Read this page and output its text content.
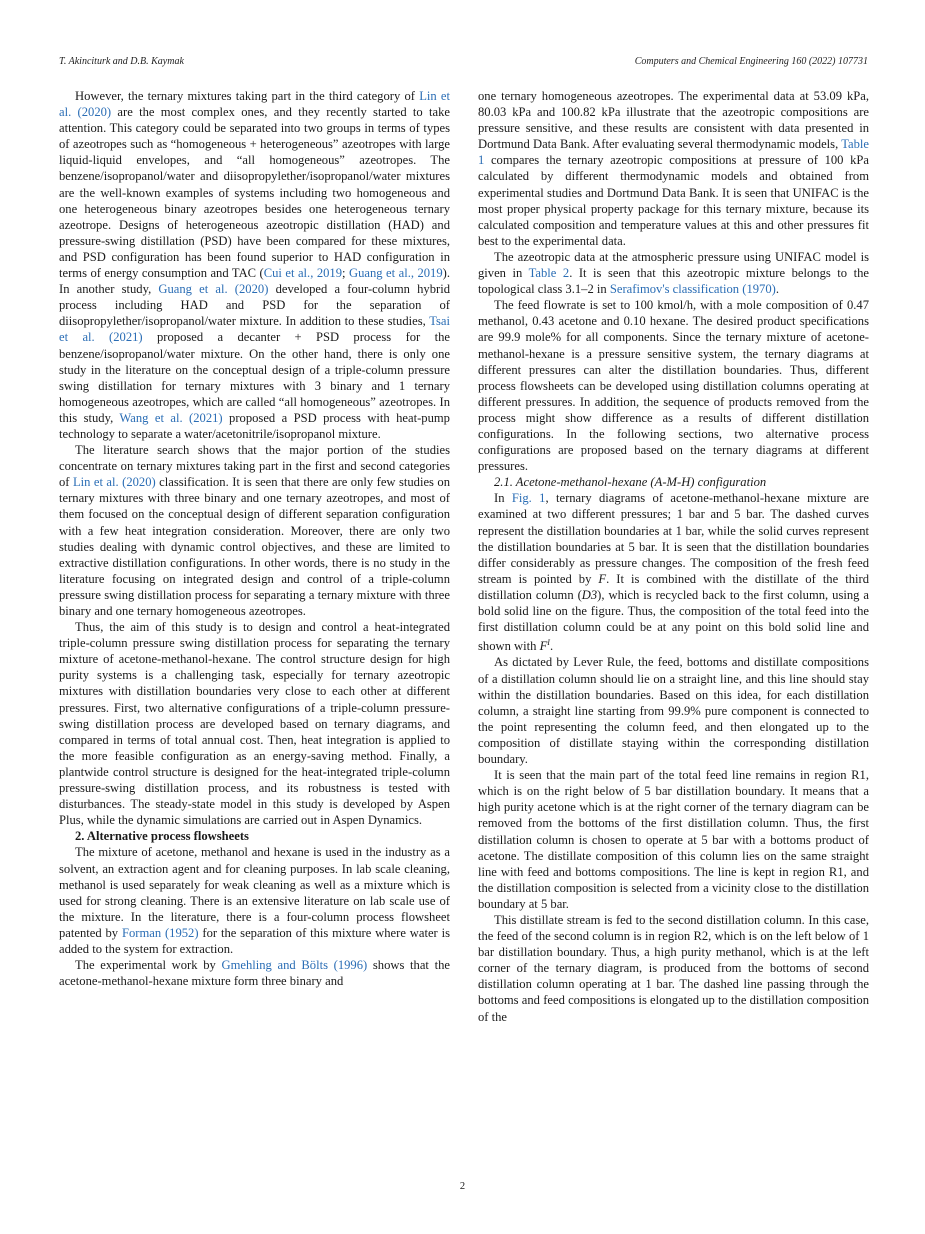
T. Akinciturk and D.B. Kaymak	Computers and Chemical Engineering 160 (2022) 107731

However, the ternary mixtures taking part in the third category of Lin et al. (2020) are the most complex ones, and they recently started to take attention. This category could be separated into two groups in terms of types of azeotropes such as “homogeneous + heterogeneous” azeotropes with large liquid-liquid envelopes, and “all homogeneous” azeotropes. The benzene/isopropanol/water and diisopropylether/isopropanol/water mixtures are the well-known examples of systems including two homogeneous and one heterogeneous binary azeotropes besides one heterogeneous ternary azeotrope. Designs of heterogeneous azeotropic distillation (HAD) and pressure-swing distillation (PSD) have been compared for these mixtures, and PSD configuration has been found superior to HAD configuration in terms of energy consumption and TAC (Cui et al., 2019; Guang et al., 2019). In another study, Guang et al. (2020) developed a four-column hybrid process including HAD and PSD for the separation of diisopropylether/isopropanol/water mixture. In addition to these studies, Tsai et al. (2021) proposed a decanter + PSD process for the benzene/isopropanol/water mixture. On the other hand, there is only one study in the literature on the conceptual design of a triple-column pressure swing distillation for ternary mixtures with 3 binary and 1 ternary homogeneous azeotropes, which are called “all homogeneous” azeotropes. In this study, Wang et al. (2021) proposed a PSD process with heat-pump technology to separate a water/acetonitrile/isopropanol mixture.

The literature search shows that the major portion of the studies concentrate on ternary mixtures taking part in the first and second categories of Lin et al. (2020) classification. It is seen that there are only few studies on ternary mixtures with three binary and one ternary azeotropes, and most of them focused on the conceptual design of different separation configuration with a few heat integration consideration. Moreover, there are only two studies dealing with dynamic control objectives, and these are limited to extractive distillation configurations. In other words, there is no study in the literature focusing on integrated design and control of a triple-column pressure swing distillation process for separating a ternary mixture with three binary and one ternary homogeneous azeotropes.

Thus, the aim of this study is to design and control a heat-integrated triple-column pressure swing distillation process for separating the ternary mixture of acetone-methanol-hexane. The control structure design for high purity systems is a challenging task, especially for ternary azeotropic mixtures with distillation boundaries very close to each other at different pressures. First, two alternative configurations of a triple-column pressure-swing distillation process are developed based on ternary diagrams, and compared in terms of total annual cost. Then, heat integration is applied to the more feasible configuration as an energy-saving method. Finally, a plantwide control structure is designed for the heat-integrated triple-column pressure-swing distillation process, and its robustness is tested with disturbances. The steady-state model in this study is developed by Aspen Plus, while the dynamic simulations are carried out in Aspen Dynamics.

2. Alternative process flowsheets

The mixture of acetone, methanol and hexane is used in the industry as a solvent, an extraction agent and for cleaning purposes. In lab scale cleaning, methanol is used separately for weak cleaning as well as a mixture which is used for strong cleaning. There is an extensive literature on lab scale use of the mixture. In the literature, there is a four-column process flowsheet patented by Forman (1952) for the separation of this mixture where water is added to the system for extraction.

The experimental work by Gmehling and Bölts (1996) shows that the acetone-methanol-hexane mixture form three binary and

one ternary homogeneous azeotropes. The experimental data at 53.09 kPa, 80.03 kPa and 100.82 kPa illustrate that the azeotropic compositions are pressure sensitive, and these results are consistent with data presented in Dortmund Data Bank. After evaluating several thermodynamic models, Table 1 compares the ternary azeotropic compositions at pressure of 100 kPa calculated by different thermodynamic models and obtained from experimental studies and Dortmund Data Bank. It is seen that UNIFAC is the most proper physical property package for this ternary mixture, because its calculated composition and temperature values at this and other pressures fit best to the experimental data.

The azeotropic data at the atmospheric pressure using UNIFAC model is given in Table 2. It is seen that this azeotropic mixture belongs to the topological class 3.1–2 in Serafimov's classification (1970).

The feed flowrate is set to 100 kmol/h, with a mole composition of 0.47 methanol, 0.43 acetone and 0.10 hexane. The desired product specifications are 99.9 mole% for all components. Since the ternary mixture of acetone-methanol-hexane is a pressure sensitive system, the ternary diagrams at different pressures can alter the distillation boundaries. Thus, different process flowsheets can be developed using distillation columns operating at different pressures. In addition, the sequence of products removed from the process might show difference as a results of different distillation configurations. In the following sections, two alternative process configurations are proposed based on the ternary diagrams at different pressures.

2.1. Acetone-methanol-hexane (A-M-H) configuration

In Fig. 1, ternary diagrams of acetone-methanol-hexane mixture are examined at two different pressures; 1 bar and 5 bar. The dashed curves represent the distillation boundaries at 1 bar, while the solid curves represent the distillation boundaries at 5 bar. It is seen that the distillation boundaries differ considerably as pressure changes. The composition of the fresh feed stream is pointed by F. It is combined with the distillate of the third distillation column (D3), which is recycled back to the first column, using a bold solid line on the figure. Thus, the composition of the total feed into the first distillation column could be at any point on this bold solid line and shown with $F^I$.

As dictated by Lever Rule, the feed, bottoms and distillate compositions of a distillation column should lie on a straight line, and this line should stay within the distillation boundaries. Based on this idea, for each distillation column, a straight line starting from 99.9% pure component is connected to the point representing the column feed, and then elongated up to the composition of distillate staying within the corresponding distillation boundary.

It is seen that the main part of the total feed line remains in region R1, which is on the right below of 5 bar distillation boundary. It means that a high purity acetone which is at the right corner of the ternary diagram can be removed from the bottoms of the first distillation column. Thus, the first distillation column is chosen to operate at 5 bar with a bottoms product of acetone. The distillate composition of this column lies on the same straight line with feed and bottoms compositions. The line is kept in region R1, and the distillation composition is selected from a vicinity close to the distillation boundary at 5 bar.

This distillate stream is fed to the second distillation column. In this case, the feed of the second column is in region R2, which is on the left below of 1 bar distillation boundary. Thus, a high purity methanol, which is at the left corner of the ternary diagram, is produced from the bottoms of second distillation column operating at 1 bar. The dashed line passing through the bottoms and feed compositions is elongated up to the distillation composition of the

2
